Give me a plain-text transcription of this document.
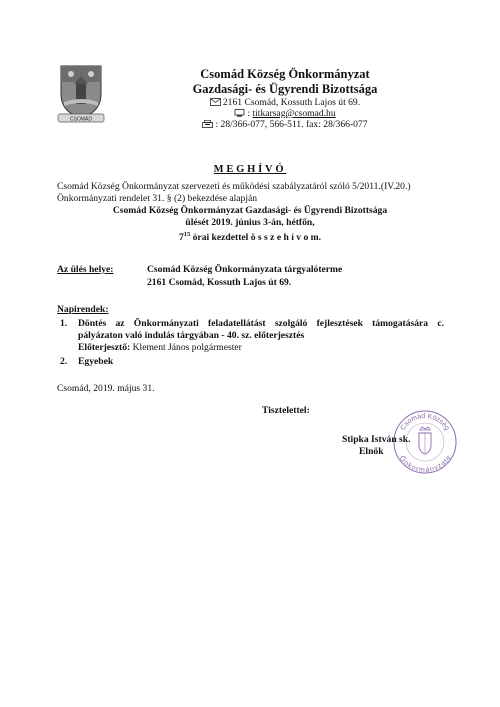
CSOMÁD
Csomád Község Önkormányzat
Gazdasági- és Ügyrendi Bizottsága
2161 Csomád, Kossuth Lajos út 69.
: titkarsag@csomad.hu
: 28/366-077, 566-511. fax: 28/366-077
MEGHÍVÓ
Csomád Község Önkormányzat szervezeti és működési szabályzatáról szóló 5/2011.(IV.20.) Önkormányzati rendelet 31. § (2) bekezdése alapján
Csomád Község Önkormányzat Gazdasági- és Ügyrendi Bizottsága
ülését 2019. június 3-án, hétfőn,
$7^{15}$ órai kezdettel ö s s z e h í v o m.
Az ülés helye:	Csomád Község Önkormányzata tárgyalóterme
2161 Csomád, Kossuth Lajos út 69.
Napirendek:
1. Döntés az Önkormányzati feladatellátást szolgáló fejlesztések támogatására c.
pályázaton való indulás tárgyában - 40. sz. előterjesztés
Előterjesztő: Klement János polgármester
2. Egyebek
Csomád, 2019. május 31.
Tisztelettel:
Csomád Község
Önkormányzata
Stipka István sk.
Elnök
